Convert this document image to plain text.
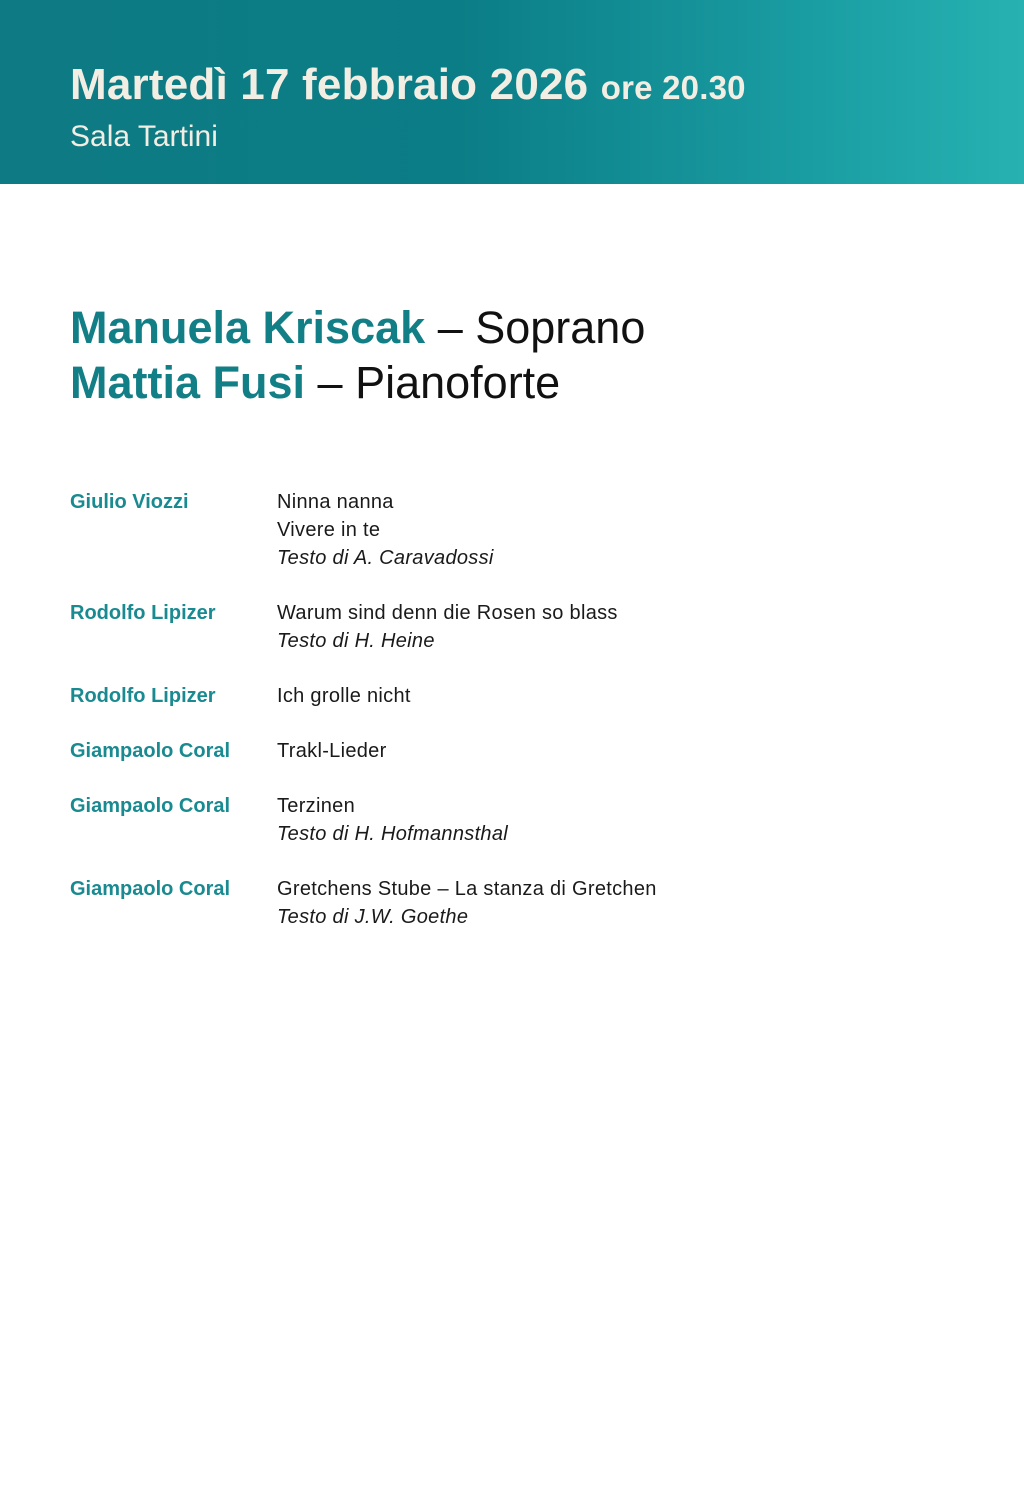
Martedì 17 febbraio 2026 ore 20.30
Sala Tartini
Manuela Kriscak – Soprano
Mattia Fusi – Pianoforte
Giulio Viozzi	Ninna nanna
Vivere in te
Testo di A. Caravadossi
Rodolfo Lipizer	Warum sind denn die Rosen so blass
Testo di H. Heine
Rodolfo Lipizer	Ich grolle nicht
Giampaolo Coral	Trakl-Lieder
Giampaolo Coral	Terzinen
Testo di H. Hofmannsthal
Giampaolo Coral	Gretchens Stube – La stanza di Gretchen
Testo di J.W. Goethe
